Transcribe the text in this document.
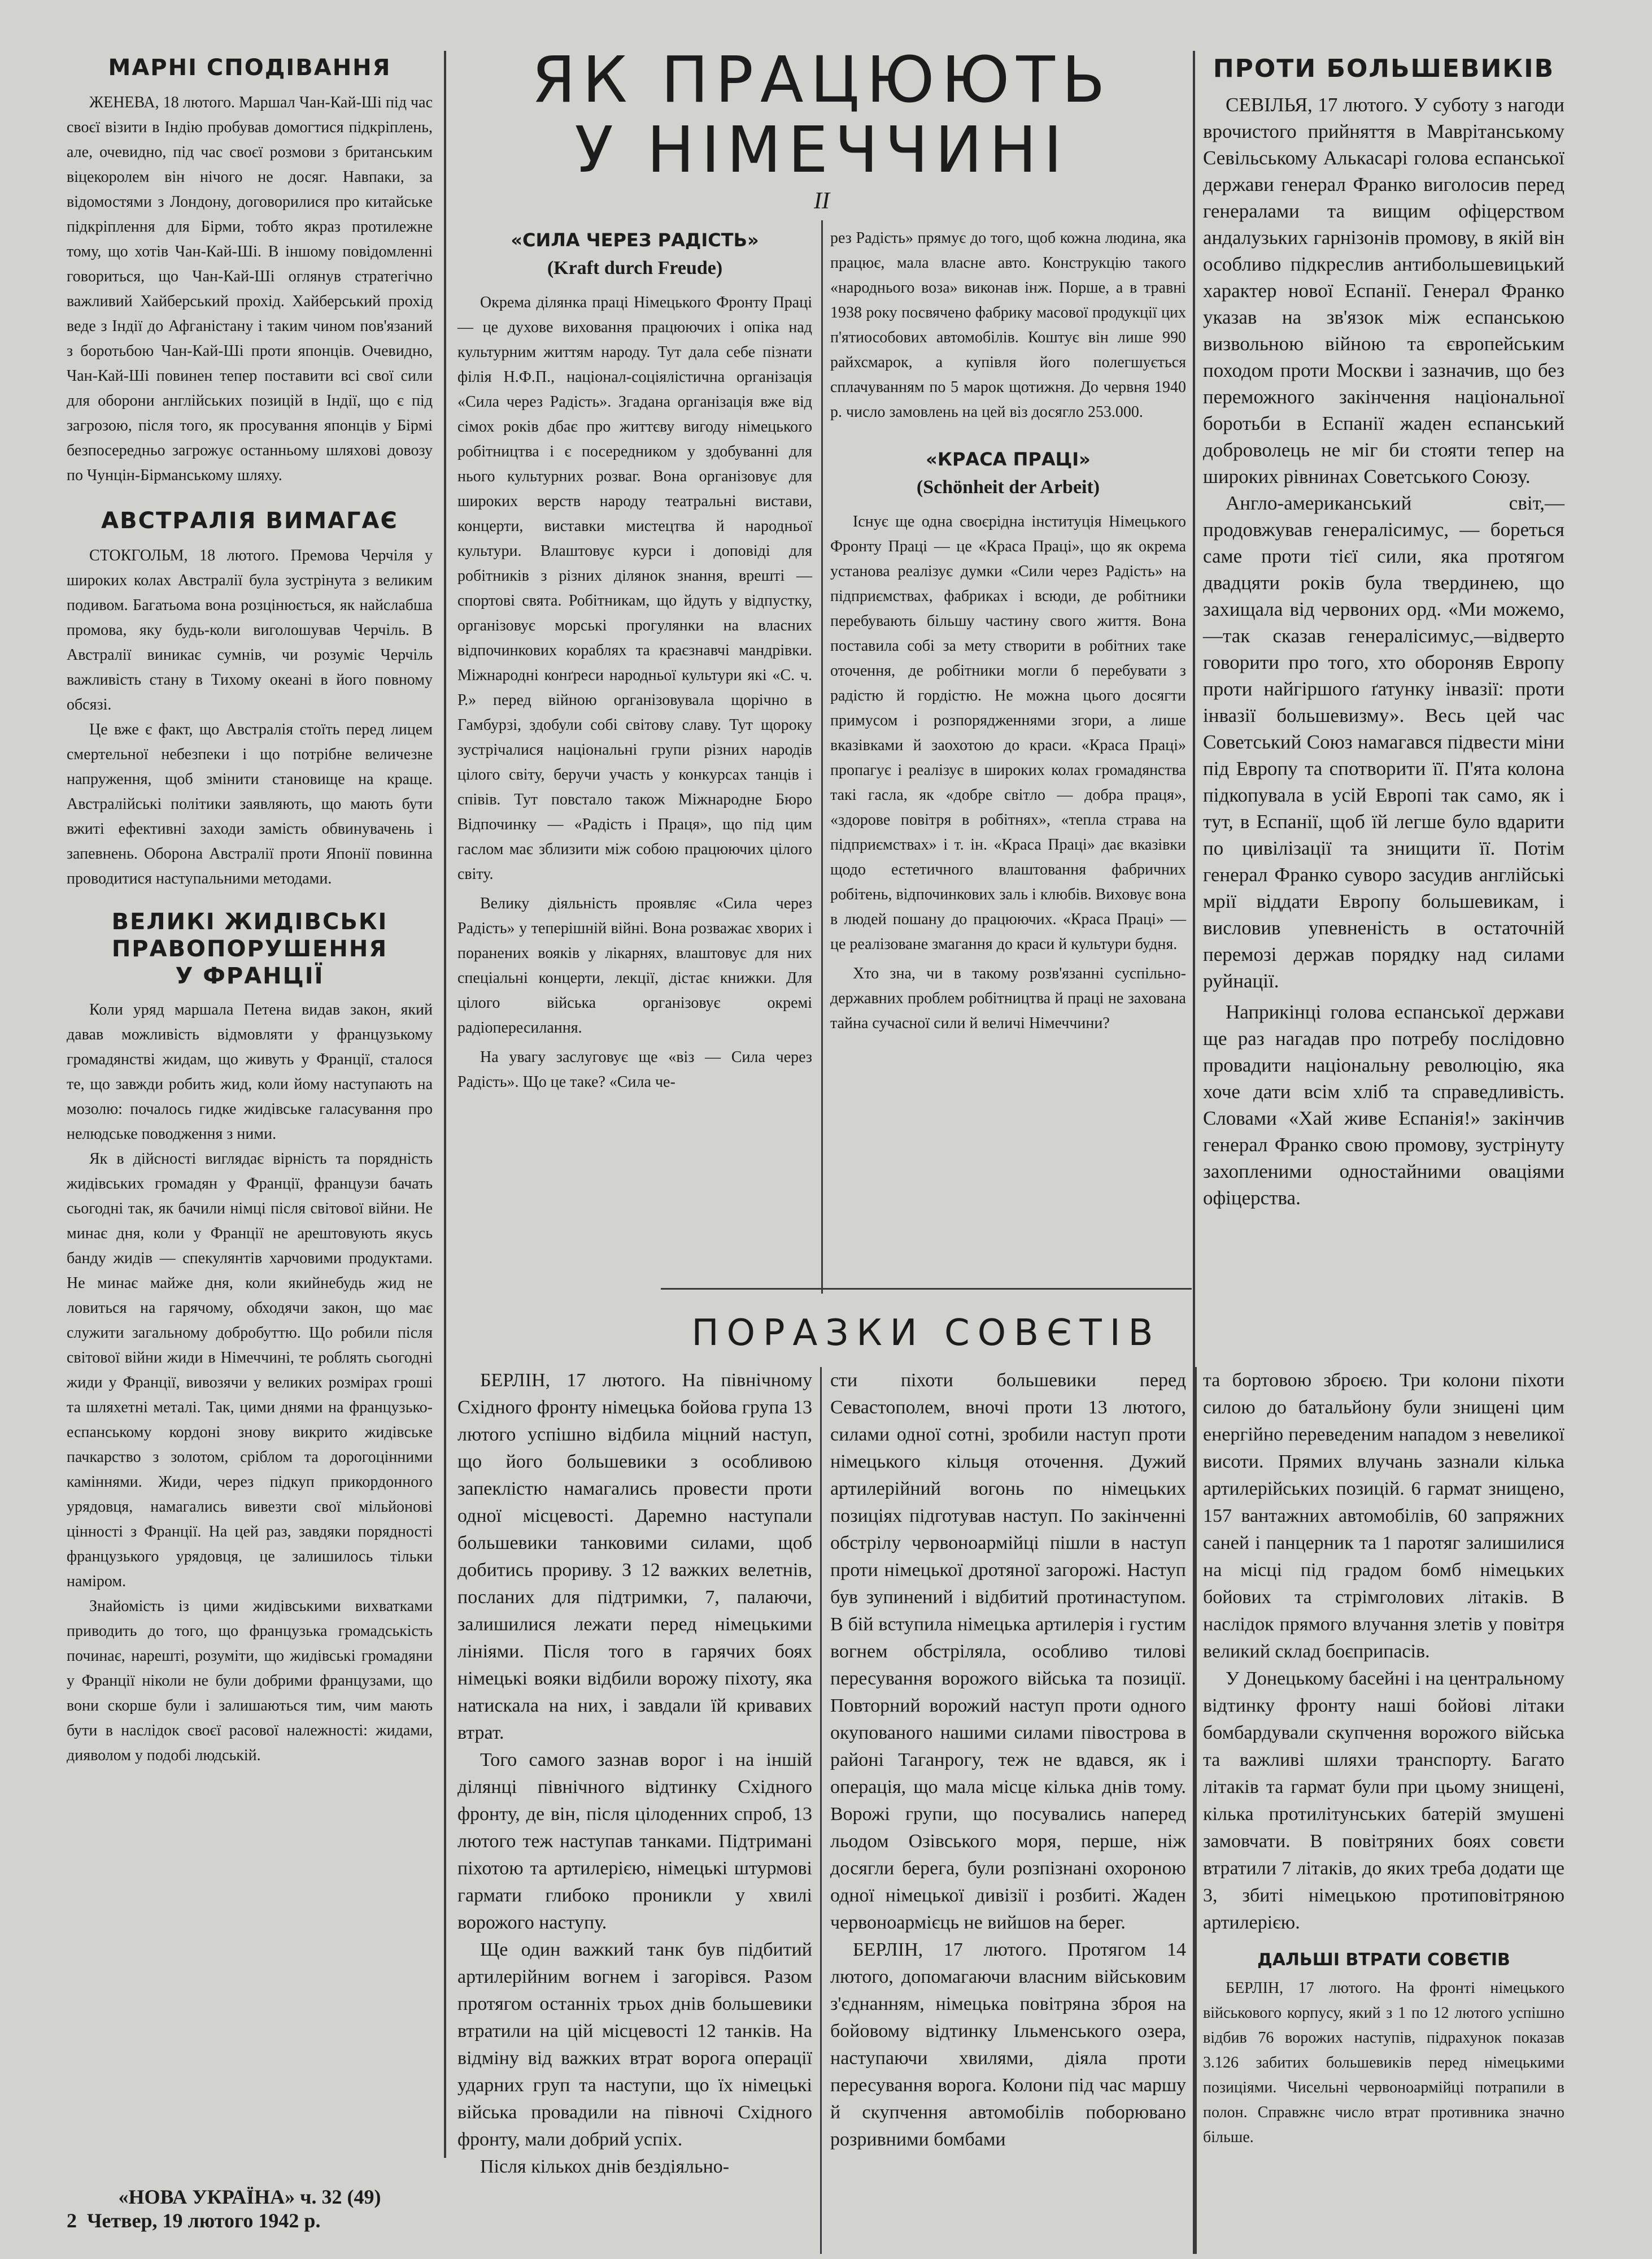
МАРНІ СПОДІВАННЯ

ЖЕНЕВА, 18 лютого. Маршал Чан-Кай-Ші під час своєї візити в Індію пробував домогтися підкріплень, але, очевидно, під час своєї розмови з британським віцекоролем він нічого не досяг. Навпаки, за відомостями з Лондону, договорилися про китайське підкріплення для Бірми, тобто якраз протилежне тому, що хотів Чан-Кай-Ші. В іншому повідомленні говориться, що Чан-Кай-Ші оглянув стратегічно важливий Хайберський прохід. Хайберський прохід веде з Індії до Афганістану і таким чином пов'язаний з боротьбою Чан-Кай-Ші проти японців. Очевидно, Чан-Кай-Ші повинен тепер поставити всі свої сили для оборони англійських позицій в Індії, що є під загрозою, після того, як просування японців у Бірмі безпосередньо загрожує останньому шляхові довозу по Чунцін-Бірманському шляху.

АВСТРАЛІЯ ВИМАГАЄ

СТОКГОЛЬМ, 18 лютого. Премова Черчіля у широких колах Австралії була зустрінута з великим подивом. Багатьома вона розцінюється, як найслабша промова, яку будь-коли виголошував Черчіль. В Австралії виникає сумнів, чи розуміє Черчіль важливість стану в Тихому океані в його повному обсязі.

Це вже є факт, що Австралія стоїть перед лицем смертельної небезпеки і що потрібне величезне напруження, щоб змінити становище на краще. Австралійські політики заявляють, що мають бути вжиті ефективні заходи замість обвинувачень і запевнень. Оборона Австралії проти Японії повинна проводитися наступальними методами.

ВЕЛИКІ ЖИДІВСЬКІ
ПРАВОПОРУШЕННЯ
У ФРАНЦІЇ

Коли уряд маршала Петена видав закон, який давав можливість відмовляти у французькому громадянстві жидам, що живуть у Франції, сталося те, що завжди робить жид, коли йому наступають на мозолю: почалось гидке жидівське галасування про нелюдське поводження з ними.

Як в дійсності виглядає вірність та порядність жидівських громадян у Франції, французи бачать сьогодні так, як бачили німці після світової війни. Не минає дня, коли у Франції не арештовують якусь банду жидів — спекулянтів харчовими продуктами. Не минає майже дня, коли якийнебудь жид не ловиться на гарячому, обходячи закон, що має служити загальному добробуттю. Що робили після світової війни жиди в Німеччині, те роблять сьогодні жиди у Франції, вивозячи у великих розмірах гроші та шляхетні металі. Так, цими днями на французько-еспанському кордоні знову викрито жидівське пачкарство з золотом, сріблом та дорогоцінними каміннями. Жиди, через підкуп прикордонного урядовця, намагались вивезти свої мільйонові цінності з Франції. На цей раз, завдяки порядності французького урядовця, це залишилось тільки наміром.

Знайомість із цими жидівськими вихватками приводить до того, що французька громадськість починає, нарешті, розуміти, що жидівські громадяни у Франції ніколи не були добрими французами, що вони скорше були і залишаються тим, чим мають бути в наслідок своєї расової належності: жидами, дияволом у подобі людській.

ЯК ПРАЦЮЮТЬ
У НІМЕЧЧИНІ
II
«СИЛА ЧЕРЕЗ РАДІСТЬ»
(Kraft durch Freude)

Окрема ділянка праці Німецького Фронту Праці — це духове виховання працюючих і опіка над культурним життям народу. Тут дала себе пізнати філія Н.Ф.П., націонал-соціялістична організація «Сила через Радість». Згадана організація вже від сімох років дбає про життєву вигоду німецького робітництва і є посередником у здобуванні для нього культурних розваг. Вона організовує для широких верств народу театральні вистави, концерти, виставки мистецтва й народньої культури. Влаштовує курси і доповіді для робітників з різних ділянок знання, врешті — спортові свята. Робітникам, що йдуть у відпустку, організовує морські прогулянки на власних відпочинкових кораблях та краєзнавчі мандрівки. Міжнародні конґреси народньої культури які «С. ч. Р.» перед війною організовувала щорічно в Гамбурзі, здобули собі світову славу. Тут щороку зустрічалися національні групи різних народів цілого світу, беручи участь у конкурсах танців і співів. Тут повстало також Міжнародне Бюро Відпочинку — «Радість і Праця», що під цим гаслом має зблизити між собою працюючих цілого світу.

Велику діяльність проявляє «Сила через Радість» у теперішній війні. Вона розважає хворих і поранених вояків у лікарнях, влаштовує для них спеціальні концерти, лекції, дістає книжки. Для цілого війська організовує окремі радіопересилання.

На увагу заслуговує ще «віз — Сила через Радість». Що це таке? «Сила че-

рез Радість» прямує до того, щоб кожна людина, яка працює, мала власне авто. Конструкцію такого «народнього воза» виконав інж. Порше, а в травні 1938 року посвячено фабрику масової продукції цих п'ятиособових автомобілів. Коштує він лише 990 райхсмарок, а купівля його полегшується сплачуванням по 5 марок щотижня. До червня 1940 р. число замовлень на цей віз досягло 253.000.

«КРАСА ПРАЦІ»
(Schönheit der Arbeit)

Існує ще одна своєрідна інституція Німецького Фронту Праці — це «Краса Праці», що як окрема установа реалізує думки «Сили через Радість» на підприємствах, фабриках і всюди, де робітники перебувають більшу частину свого життя. Вона поставила собі за мету створити в робітних таке оточення, де робітники могли б перебувати з радістю й гордістю. Не можна цього досягти примусом і розпорядженнями згори, а лише вказівками й заохотою до краси. «Краса Праці» пропагує і реалізує в широких колах громадянства такі гасла, як «добре світло — добра праця», «здорове повітря в робітнях», «тепла страва на підприємствах» і т. ін. «Краса Праці» дає вказівки щодо естетичного влаштовання фабричних робітень, відпочинкових заль і клюбів. Виховує вона в людей пошану до працюючих. «Краса Праці» — це реалізоване змагання до краси й культури будня.

Хто зна, чи в такому розв'язанні суспільно-державних проблем робітництва й праці не захована тайна сучасної сили й величі Німеччини?

ПРОТИ БОЛЬШЕВИКІВ

СЕВІЛЬЯ, 17 лютого. У суботу з нагоди врочистого прийняття в Маврітанському Севільському Алькасарі голова еспанської держави генерал Франко виголосив перед генералами та вищим офіцерством андалузьких гарнізонів промову, в якій він особливо підкреслив антибольшевицький характер нової Еспанії. Генерал Франко указав на зв'язок між еспанською визвольною війною та європейським походом проти Москви і зазначив, що без переможного закінчення національної боротьби в Еспанії жаден еспанський доброволець не міг би стояти тепер на широких рівнинах Советського Союзу.

Англо-американський світ,—продовжував генералісимус, — бореться саме проти тієї сили, яка протягом двадцяти років була твердинею, що захищала від червоних орд. «Ми можемо,—так сказав генералісимус,—відверто говорити про того, хто обороняв Европу проти найгіршого ґатунку інвазії: проти інвазії большевизму». Весь цей час Советський Союз намагався підвести міни під Европу та спотворити її. П'ята колона підкопувала в усій Европі так само, як і тут, в Еспанії, щоб їй легше було вдарити по цивілізації та знищити її. Потім генерал Франко суворо засудив англійські мрії віддати Европу большевикам, і висловив упевненість в остаточній перемозі держав порядку над силами руйнації.

Наприкінці голова еспанської держави ще раз нагадав про потребу послідовно провадити національну революцію, яка хоче дати всім хліб та справедливість. Словами «Хай живе Еспанія!» закінчив генерал Франко свою промову, зустрінуту захопленими одностайними оваціями офіцерства.

ПОРАЗКИ СОВЄТІВ

БЕРЛІН, 17 лютого. На північному Східного фронту німецька бойова група 13 лютого успішно відбила міцний наступ, що його большевики з особливою запеклістю намагались провести проти одної місцевості. Даремно наступали большевики танковими силами, щоб добитись прориву. З 12 важких велетнів, посланих для підтримки, 7, палаючи, залишилися лежати перед німецькими лініями. Після того в гарячих боях німецькі вояки відбили ворожу піхоту, яка натискала на них, і завдали їй кривавих втрат.

Того самого зазнав ворог і на іншій ділянці північного відтинку Східного фронту, де він, після цілоденних спроб, 13 лютого теж наступав танками. Підтримані піхотою та артилерією, німецькі штурмові гармати глибоко проникли у хвилі ворожого наступу.

Ще один важкий танк був підбитий артилерійним вогнем і загорівся. Разом протягом останніх трьох днів большевики втратили на цій місцевості 12 танків. На відміну від важких втрат ворога операції ударних груп та наступи, що їх німецькі війська провадили на півночі Східного фронту, мали добрий успіх.

Після кількох днів бездіяльно-

сти піхоти большевики перед Севастополем, вночі проти 13 лютого, силами одної сотні, зробили наступ проти німецького кільця оточення. Дужий артилерійний вогонь по німецьких позиціях підготував наступ. По закінченні обстрілу червоноармійці пішли в наступ проти німецької дротяної загорожі. Наступ був зупинений і відбитий протинаступом. В бій вступила німецька артилерія і густим вогнем обстріляла, особливо тилові пересування ворожого війська та позиції. Повторний ворожий наступ проти одного окупованого нашими силами півострова в районі Таганрогу, теж не вдався, як і операція, що мала місце кількa днів тому. Ворожі групи, що посувались наперед льодом Озівського моря, перше, ніж досягли берега, були розпізнані охороною одної німецької дивізії і розбиті. Жаден червоноармієць не вийшов на берег.

БЕРЛІН, 17 лютого. Протягом 14 лютого, допомагаючи власним військовим з'єднанням, німецька повітряна зброя на бойовому відтинку Ільменського озера, наступаючи хвилями, діяла проти пересування ворога. Колони під час маршу й скупчення автомобілів поборювано розривними бомбами

та бортовою зброєю. Три колони піхоти силою до батальйону були знищені цим енергійно переведеним нападом з невеликої висоти. Прямих влучань зазнали кілька артилерійських позицій. 6 гармат знищено, 157 вантажних автомобілів, 60 запряжних саней і панцерник та 1 паротяг залишилися на місці під градом бомб німецьких бойових та стрімголових літаків. В наслідок прямого влучання злетів у повітря великий склад боєприпасів.

У Донецькому басейні і на центральному відтинку фронту наші бойові літаки бомбардували скупчення ворожого війська та важливі шляхи транспорту. Багато літаків та гармат були при цьому знищені, кілька протилітунських батерій змушені замовчати. В повітряних боях совєти втратили 7 літаків, до яких треба додати ще 3, збиті німецькою протиповітряною артилерією.

ДАЛЬШІ ВТРАТИ СОВЄТІВ

БЕРЛІН, 17 лютого. На фронті німецького військового корпусу, який з 1 по 12 лютого успішно відбив 76 ворожих наступів, підрахунок показав 3.126 забитих большевиків перед німецькими позиціями. Чисельні червоноармійці потрапили в полон. Справжнє число втрат противника значно більше.

«НОВА УКРАЇНА» ч. 32 (49)
2 Четвер, 19 лютого 1942 р.
